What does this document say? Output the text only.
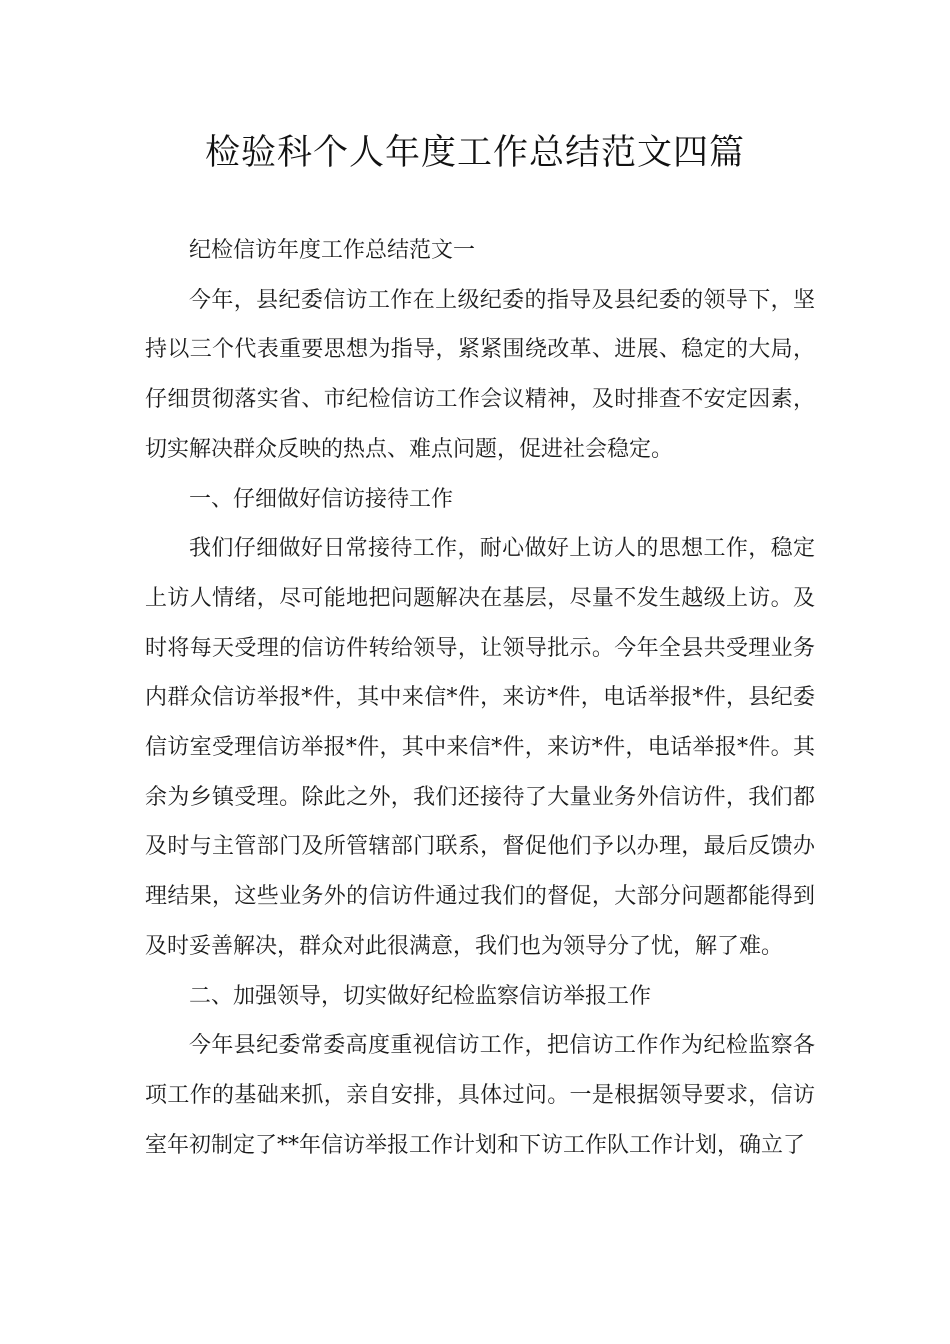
检验科个人年度工作总结范文四篇

纪检信访年度工作总结范文一

今年，县纪委信访工作在上级纪委的指导及县纪委的领导下，坚持以三个代表重要思想为指导，紧紧围绕改革、进展、稳定的大局，仔细贯彻落实省、市纪检信访工作会议精神，及时排查不安定因素，切实解决群众反映的热点、难点问题，促进社会稳定。

一、仔细做好信访接待工作

我们仔细做好日常接待工作，耐心做好上访人的思想工作，稳定上访人情绪，尽可能地把问题解决在基层，尽量不发生越级上访。及时将每天受理的信访件转给领导，让领导批示。今年全县共受理业务内群众信访举报*件，其中来信*件，来访*件，电话举报*件，县纪委信访室受理信访举报*件，其中来信*件，来访*件，电话举报*件。其余为乡镇受理。除此之外，我们还接待了大量业务外信访件，我们都及时与主管部门及所管辖部门联系，督促他们予以办理，最后反馈办理结果，这些业务外的信访件通过我们的督促，大部分问题都能得到及时妥善解决，群众对此很满意，我们也为领导分了忧，解了难。

二、加强领导，切实做好纪检监察信访举报工作

今年县纪委常委高度重视信访工作，把信访工作作为纪检监察各项工作的基础来抓，亲自安排，具体过问。一是根据领导要求，信访室年初制定了**年信访举报工作计划和下访工作队工作计划，确立了
